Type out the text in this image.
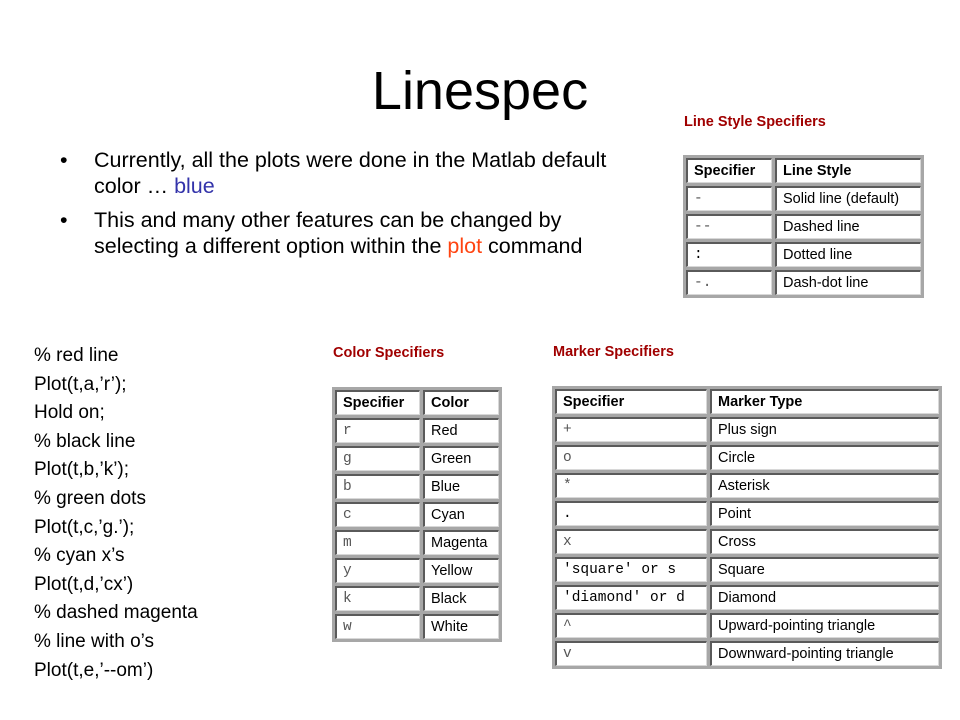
Linespec
• Currently, all the plots were done in the Matlab default color … blue
• This and many other features can be changed by selecting a different option within the plot command
% red line
Plot(t,a,’r’);
Hold on;
% black line
Plot(t,b,’k’);
% green dots
Plot(t,c,’g.’);
% cyan x’s
Plot(t,d,’cx’)
% dashed magenta
% line with o’s
Plot(t,e,’--om’)
Line Style Specifiers
Specifier	Line Style
-	Solid line (default)
--	Dashed line
:	Dotted line
-.	Dash-dot line
Color Specifiers
Specifier	Color
r	Red
g	Green
b	Blue
c	Cyan
m	Magenta
y	Yellow
k	Black
w	White
Marker Specifiers
Specifier	Marker Type
+	Plus sign
o	Circle
*	Asterisk
.	Point
x	Cross
'square' or s	Square
'diamond' or d	Diamond
^	Upward-pointing triangle
v	Downward-pointing triangle
